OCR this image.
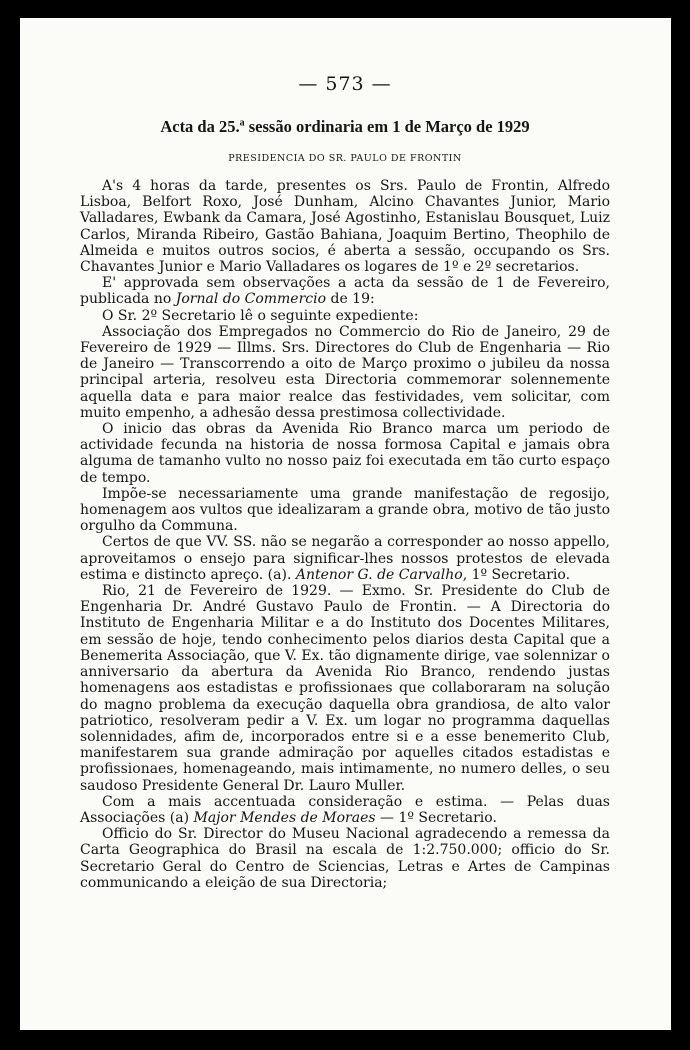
— 573 —
Acta da 25.$^a$ sessão ordinaria em 1 de Março de 1929
PRESIDENCIA DO SR. PAULO DE FRONTIN

A's 4 horas da tarde, presentes os Srs. Paulo de Frontin, Alfredo Lisboa, Belfort Roxo, José Dunham, Alcino Chavantes Junior, Mario Valladares, Ewbank da Camara, José Agostinho, Estanislau Bousquet, Luiz Carlos, Miranda Ribeiro, Gastão Bahiana, Joaquim Bertino, Theophilo de Almeida e muitos outros socios, é aberta a sessão, occupando os Srs. Chavantes Junior e Mario Valladares os logares de 1º e 2º secretarios.

E' approvada sem observações a acta da sessão de 1 de Fevereiro, publicada no Jornal do Commercio de 19:

O Sr. 2º Secretario lê o seguinte expediente:

Associação dos Empregados no Commercio do Rio de Janeiro, 29 de Fevereiro de 1929 — Illms. Srs. Directores do Club de Engenharia — Rio de Janeiro — Transcorrendo a oito de Março proximo o jubileu da nossa principal arteria, resolveu esta Directoria commemorar solennemente aquella data e para maior realce das festividades, vem solicitar, com muito empenho, a adhesão dessa prestimosa collectividade.

O inicio das obras da Avenida Rio Branco marca um periodo de actividade fecunda na historia de nossa formosa Capital e jamais obra alguma de tamanho vulto no nosso paiz foi executada em tão curto espaço de tempo.

Impõe-se necessariamente uma grande manifestação de regosijo, homenagem aos vultos que idealizaram a grande obra, motivo de tão justo orgulho da Communa.

Certos de que VV. SS. não se negarão a corresponder ao nosso appello, aproveitamos o ensejo para significar-lhes nossos protestos de elevada estima e distincto apreço. (a). Antenor G. de Carvalho, 1º Secretario.

Rio, 21 de Fevereiro de 1929. — Exmo. Sr. Presidente do Club de Engenharia Dr. André Gustavo Paulo de Frontin. — A Directoria do Instituto de Engenharia Militar e a do Instituto dos Docentes Militares, em sessão de hoje, tendo conhecimento pelos diarios desta Capital que a Benemerita Associação, que V. Ex. tão dignamente dirige, vae solennizar o anniversario da abertura da Avenida Rio Branco, rendendo justas homenagens aos estadistas e profissionaes que collaboraram na solução do magno problema da execução daquella obra grandiosa, de alto valor patriotico, resolveram pedir a V. Ex. um logar no programma daquellas solennidades, afim de, incorporados entre si e a esse benemerito Club, manifestarem sua grande admiração por aquelles citados estadistas e profissionaes, homenageando, mais intimamente, no numero delles, o seu saudoso Presidente General Dr. Lauro Muller.

Com a mais accentuada consideração e estima. — Pelas duas Associações (a) Major Mendes de Moraes — 1º Secretario.

Officio do Sr. Director do Museu Nacional agradecendo a remessa da Carta Geographica do Brasil na escala de 1:2.750.000; officio do Sr. Secretario Geral do Centro de Sciencias, Letras e Artes de Campinas communicando a eleição de sua Directoria;
